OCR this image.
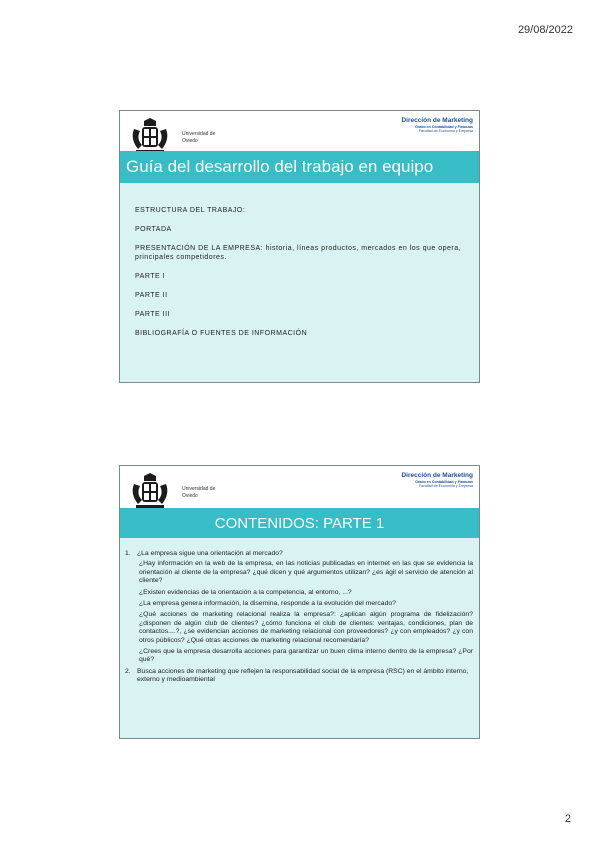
29/08/2022
Universidad de
Oviedo
Dirección de Marketing
Grado en Contabilidad y Finanzas
Facultad de Economía y Empresa
Guía del desarrollo del trabajo en equipo

ESTRUCTURA DEL TRABAJO:

PORTADA

PRESENTACIÓN DE LA EMPRESA: historia, líneas productos, mercados en los que opera, principales competidores.

PARTE I

PARTE II

PARTE III

BIBLIOGRAFÍA O FUENTES DE INFORMACIÓN

Universidad de
Oviedo
Dirección de Marketing
Grado en Contabilidad y Finanzas
Facultad de Economía y Empresa
CONTENIDOS: PARTE 1
1. ¿La empresa sigue una orientación al mercado?

¿Hay información en la web de la empresa, en las noticias publicadas en internet en las que se evidencia la orientación al cliente de la empresa? ¿qué dicen y qué argumentos utilizan? ¿es ágil el servicio de atención al cliente?

¿Existen evidencias de la orientación a la competencia, al entorno, ...?

¿La empresa genera información, la disemina, responde a la evolución del mercado?

¿Qué acciones de marketing relacional realiza la empresa?: ¿aplican algún programa de fidelización? ¿disponen de algún club de clientes? ¿cómo funciona el club de clientes: ventajas, condiciones, plan de contactos....?, ¿se evidencian acciones de marketing relacional con proveedores? ¿y con empleados? ¿y con otros públicos? ¿Qué otras acciones de marketing relacional recomendaría?

¿Crees que la empresa desarrolla acciones para garantizar un buen clima interno dentro de la empresa? ¿Por qué?

2. Busca acciones de marketing que reflejen la responsabilidad social de la empresa (RSC) en el ámbito interno, externo y medioambiental
2
